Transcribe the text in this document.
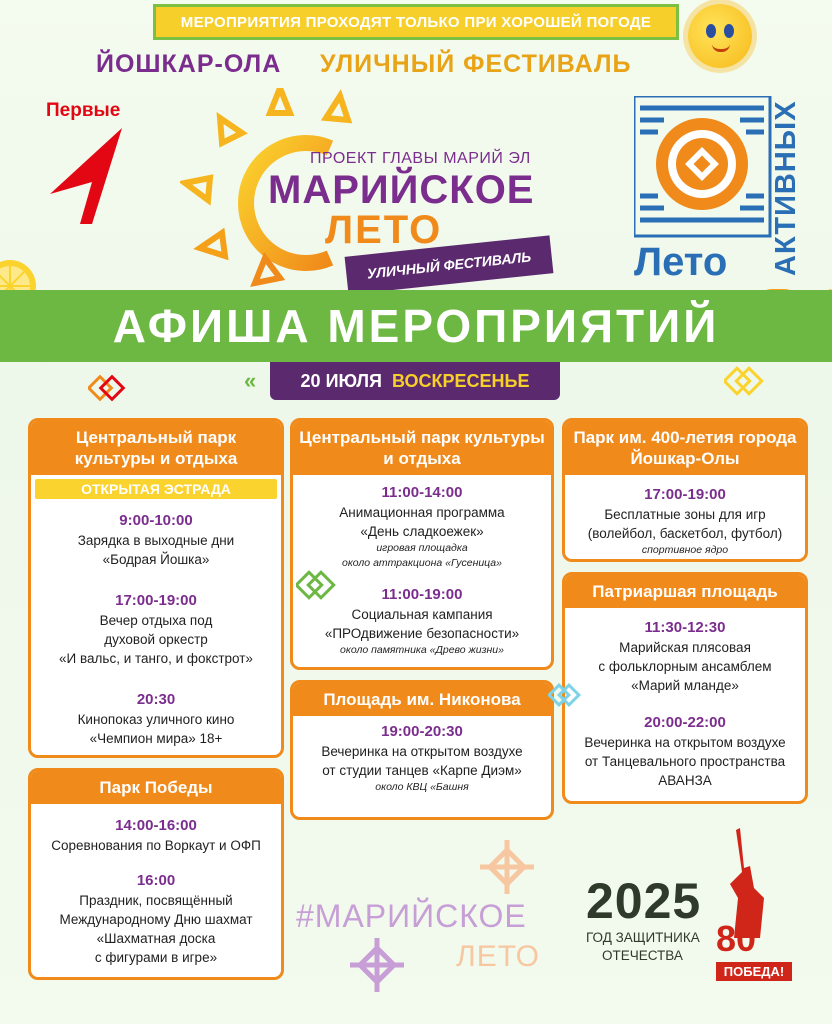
МЕРОПРИЯТИЯ ПРОХОДЯТ ТОЛЬКО ПРИ ХОРОШЕЙ ПОГОДЕ
ЙОШКАР-ОЛА УЛИЧНЫЙ ФЕСТИВАЛЬ
Первые
ПРОЕКТ ГЛАВЫ МАРИЙ ЭЛ
МАРИЙСКОЕ
ЛЕТО
УЛИЧНЫЙ ФЕСТИВАЛЬ	Лето АКТИВНЫХ
АФИША МЕРОПРИЯТИЙ
« 20 ИЮЛЯ ВОСКРЕСЕНЬЕ
Центральный парк культуры и отдыха
ОТКРЫТАЯ ЭСТРАДА
9:00-10:00
Зарядка в выходные дни
«Бодрая Йошка»
17:00-19:00
Вечер отдыха под
духовой оркестр
«И вальс, и танго, и фокстрот»
20:30
Кинопоказ уличного кино
«Чемпион мира» 18+
Парк Победы
14:00-16:00
Соревнования по Воркаут и ОФП
16:00
Праздник, посвящённый
Международному Дню шахмат
«Шахматная доска
с фигурами в игре»
Центральный парк культуры и отдыха
11:00-14:00
Анимационная программа
«День сладкоежек»
игровая площадка
около аттракциона «Гусеница»
11:00-19:00
Социальная кампания
«ПРОдвижение безопасности»
около памятника «Древо жизни»
Площадь им. Никонова
19:00-20:30
Вечеринка на открытом воздухе
от студии танцев «Карпе Диэм»
около КВЦ «Башня
Парк им. 400-летия города Йошкар-Олы
17:00-19:00
Бесплатные зоны для игр
(волейбол, баскетбол, футбол)
спортивное ядро
Патриаршая площадь
11:30-12:30
Марийская плясовая
с фольклорным ансамблем
«Марий мланде»
20:00-22:00
Вечеринка на открытом воздухе
от Танцевального пространства
АВАНЗА
#МАРИЙСКОЕ
ЛЕТО
2025
ГОД ЗАЩИТНИКА
ОТЕЧЕСТВА 80
ПОБЕДА!
